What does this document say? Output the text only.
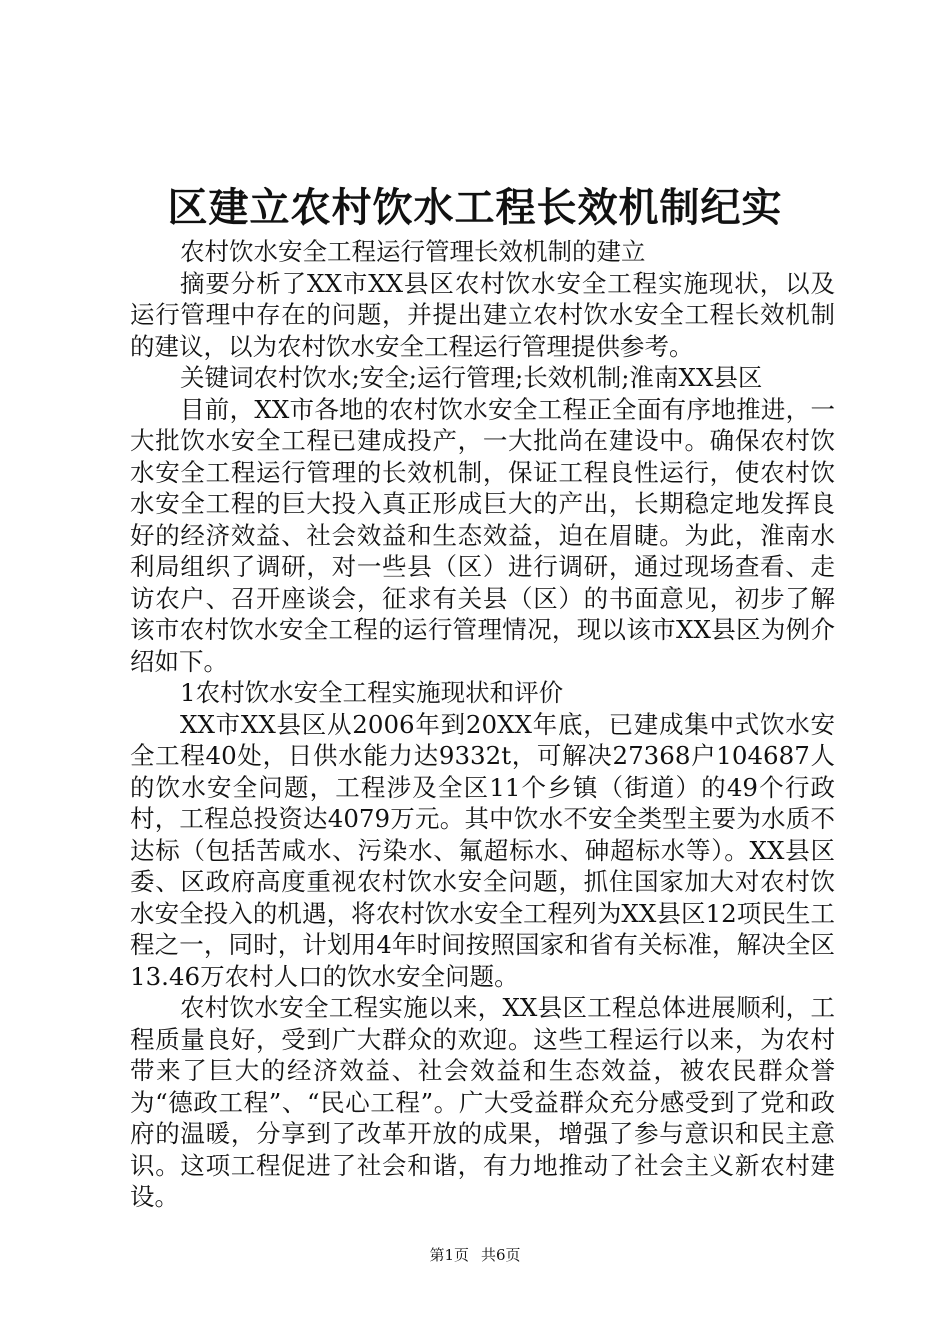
区建立农村饮水工程长效机制纪实

农村饮水安全工程运行管理长效机制的建立

摘要分析了XX市XX县区农村饮水安全工程实施现状，以及运行管理中存在的问题，并提出建立农村饮水安全工程长效机制的建议，以为农村饮水安全工程运行管理提供参考。

关键词农村饮水;安全;运行管理;长效机制;淮南XX县区

目前，XX市各地的农村饮水安全工程正全面有序地推进，一大批饮水安全工程已建成投产，一大批尚在建设中。确保农村饮水安全工程运行管理的长效机制，保证工程良性运行，使农村饮水安全工程的巨大投入真正形成巨大的产出，长期稳定地发挥良好的经济效益、社会效益和生态效益，迫在眉睫。为此，淮南水利局组织了调研，对一些县（区）进行调研，通过现场查看、走访农户、召开座谈会，征求有关县（区）的书面意见，初步了解该市农村饮水安全工程的运行管理情况，现以该市XX县区为例介绍如下。

1农村饮水安全工程实施现状和评价

XX市XX县区从2006年到20XX年底，已建成集中式饮水安全工程40处，日供水能力达9332t，可解决27368户104687人的饮水安全问题，工程涉及全区11个乡镇（街道）的49个行政村，工程总投资达4079万元。其中饮水不安全类型主要为水质不达标（包括苦咸水、污染水、氟超标水、砷超标水等）。XX县区委、区政府高度重视农村饮水安全问题，抓住国家加大对农村饮水安全投入的机遇，将农村饮水安全工程列为XX县区12项民生工程之一，同时，计划用4年时间按照国家和省有关标准，解决全区13.46万农村人口的饮水安全问题。

农村饮水安全工程实施以来，XX县区工程总体进展顺利，工程质量良好，受到广大群众的欢迎。这些工程运行以来，为农村带来了巨大的经济效益、社会效益和生态效益，被农民群众誉为“德政工程”、“民心工程”。广大受益群众充分感受到了党和政府的温暖，分享到了改革开放的成果，增强了参与意识和民主意识。这项工程促进了社会和谐，有力地推动了社会主义新农村建设。

第1页 共6页
